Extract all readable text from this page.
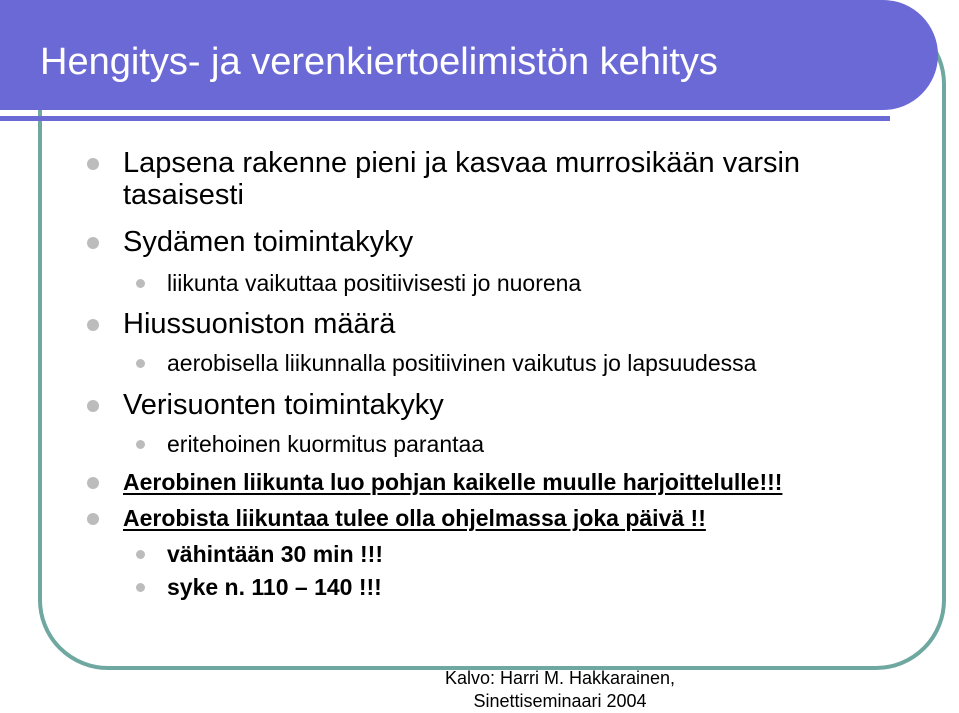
Hengitys- ja verenkiertoelimistön kehitys
Lapsena rakenne pieni ja kasvaa murrosikään varsin tasaisesti
Sydämen toimintakyky
liikunta vaikuttaa positiivisesti jo nuorena
Hiussuoniston määrä
aerobisella liikunnalla positiivinen vaikutus jo lapsuudessa
Verisuonten toimintakyky
eritehoinen kuormitus parantaa
Aerobinen liikunta luo pohjan kaikelle muulle harjoittelulle!!!
Aerobista liikuntaa tulee olla ohjelmassa joka päivä !!
vähintään 30 min !!!
syke n. 110 – 140 !!!
Kalvo: Harri M. Hakkarainen,
Sinettiseminaari 2004
